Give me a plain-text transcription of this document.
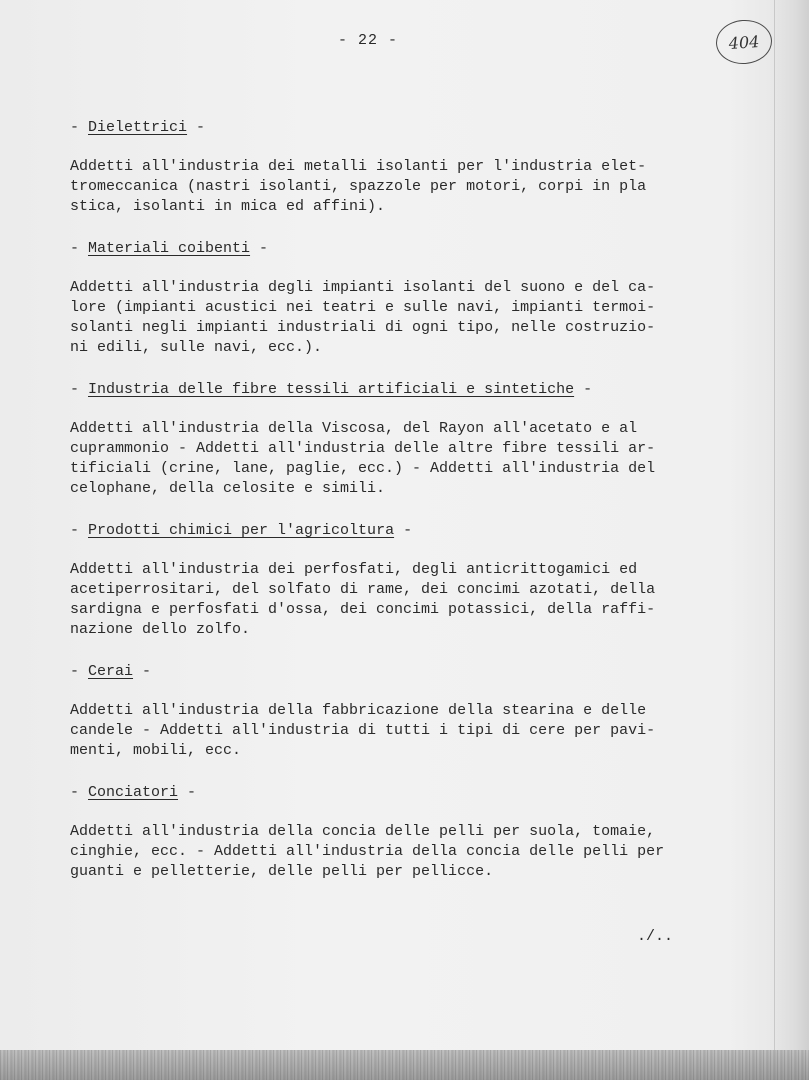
- 22 -	404
- Dielettrici -
Addetti all'industria dei metalli isolanti per l'industria elet-
tromeccanica (nastri isolanti, spazzole per motori, corpi in pla
stica, isolanti in mica ed affini).
- Materiali coibenti -
Addetti all'industria degli impianti isolanti del suono e del ca-
lore (impianti acustici nei teatri e sulle navi, impianti termoi-
solanti negli impianti industriali di ogni tipo, nelle costruzio-
ni edili, sulle navi, ecc.).
- Industria delle fibre tessili artificiali e sintetiche -
Addetti all'industria della Viscosa, del Rayon all'acetato e al
cuprammonio - Addetti all'industria delle altre fibre tessili ar-
tificiali (crine, lane, paglie, ecc.) - Addetti all'industria del
celophane, della celosite e simili.
- Prodotti chimici per l'agricoltura -
Addetti all'industria dei perfosfati, degli anticrittogamici ed
acetiperrositari, del solfato di rame, dei concimi azotati, della
sardigna e perfosfati d'ossa, dei concimi potassici, della raffi-
nazione dello zolfo.
- Cerai -
Addetti all'industria della fabbricazione della stearina e delle
candele - Addetti all'industria di tutti i tipi di cere per pavi-
menti, mobili, ecc.
- Conciatori -
Addetti all'industria della concia delle pelli per suola, tomaie,
cinghie, ecc. - Addetti all'industria della concia delle pelli per
guanti e pelletterie, delle pelli per pellicce.
./..
